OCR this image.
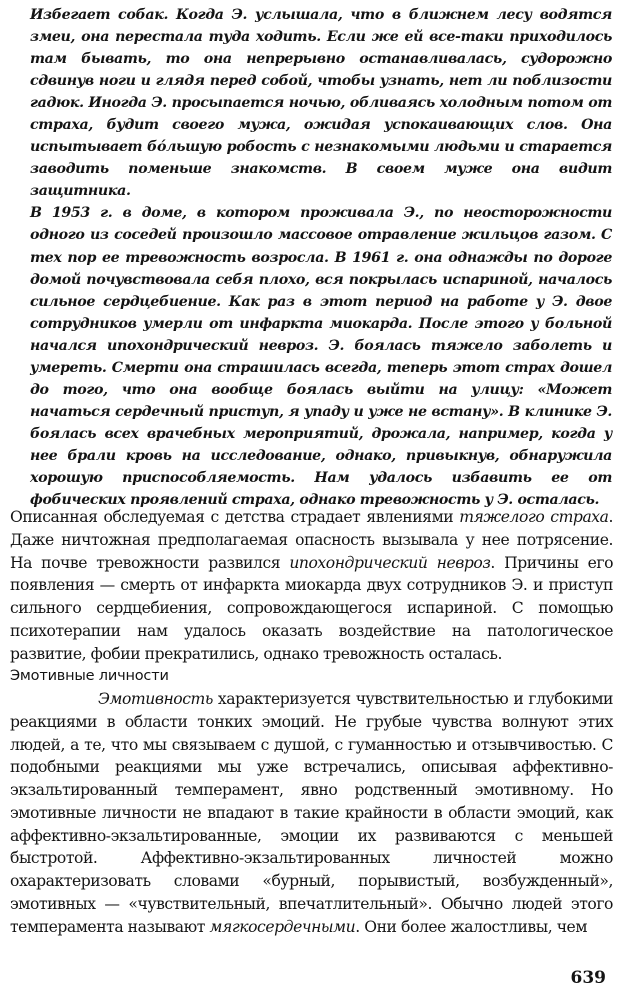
Избегает собак. Когда Э. услышала, что в ближнем лесу водятся змеи, она перестала туда ходить. Если же ей все-таки приходилось там бывать, то она непрерывно останавливалась, судорожно сдвинув ноги и глядя перед собой, чтобы узнать, нет ли поблизости гадюк. Иногда Э. просыпается ночью, обливаясь холодным потом от страха, будит своего мужа, ожидая успокаивающих слов. Она испытывает бóльшую робость с незнакомыми людьми и старается заводить поменьше знакомств. В своем муже она видит защитника.

В 1953 г. в доме, в котором проживала Э., по неосторожности одного из соседей произошло массовое отравление жильцов газом. С тех пор ее тревожность возросла. В 1961 г. она однажды по дороге домой почувствовала себя плохо, вся покрылась испариной, началось сильное сердцебиение. Как раз в этот период на работе у Э. двое сотрудников умерли от инфаркта миокарда. После этого у больной начался ипохондрический невроз. Э. боялась тяжело заболеть и умереть. Смерти она страшилась всегда, теперь этот страх дошел до того, что она вообще боялась выйти на улицу: «Может начаться сердечный приступ, я упаду и уже не встану». В клинике Э. боялась всех врачебных мероприятий, дрожала, например, когда у нее брали кровь на исследование, однако, привыкнув, обнаружила хорошую приспособляемость. Нам удалось избавить ее от фобических проявлений страха, однако тревожность у Э. осталась.

Описанная обследуемая с детства страдает явлениями тяжелого страха. Даже ничтожная предполагаемая опасность вызывала у нее потрясение. На почве тревожности развился ипохондрический невроз. Причины его появления — смерть от инфаркта миокарда двух сотрудников Э. и приступ сильного сердцебиения, сопровождающегося испариной. С помощью психотерапии нам удалось оказать воздействие на патологическое развитие, фобии прекратились, однако тревожность осталась.

Эмотивные личности

Эмотивность характеризуется чувствительностью и глубокими реакциями в области тонких эмоций. Не грубые чувства волнуют этих людей, а те, что мы связываем с душой, с гуманностью и отзывчивостью. С подобными реакциями мы уже встречались, описывая аффективно-экзальтированный темперамент, явно родственный эмотивному. Но эмотивные личности не впадают в такие крайности в области эмоций, как аффективно-экзальтированные, эмоции их развиваются с меньшей быстротой. Аффективно-экзальтированных личностей можно охарактеризовать словами «бурный, порывистый, возбужденный», эмотивных — «чувствительный, впечатлительный». Обычно людей этого темперамента называют мягкосердечными. Они более жалостливы, чем

639
